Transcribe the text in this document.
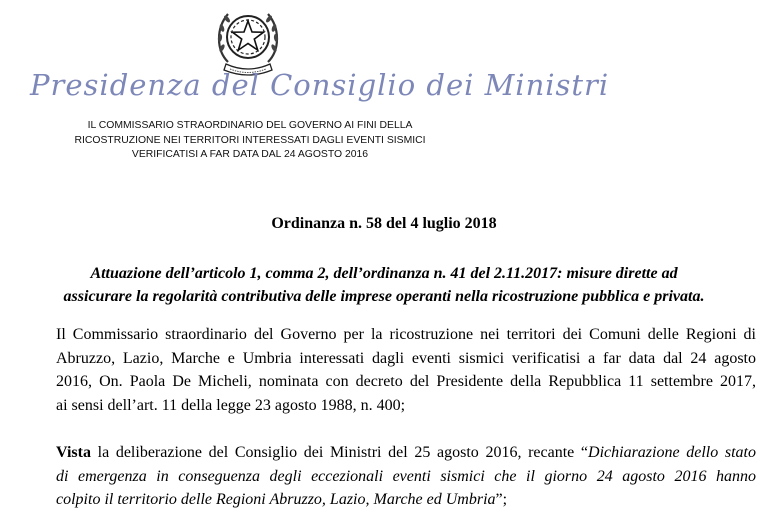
Presidenza del Consiglio dei Ministri
IL COMMISSARIO STRAORDINARIO DEL GOVERNO AI FINI DELLA
RICOSTRUZIONE NEI TERRITORI INTERESSATI DAGLI EVENTI SISMICI
VERIFICATISI A FAR DATA DAL 24 AGOSTO 2016
Ordinanza n. 58 del 4 luglio 2018
Attuazione dell’articolo 1, comma 2, dell’ordinanza n. 41 del 2.11.2017: misure dirette ad
assicurare la regolarità contributiva delle imprese operanti nella ricostruzione pubblica e privata.
Il Commissario straordinario del Governo per la ricostruzione nei territori dei Comuni delle Regioni di
Abruzzo, Lazio, Marche e Umbria interessati dagli eventi sismici verificatisi a far data dal 24 agosto
2016, On. Paola De Micheli, nominata con decreto del Presidente della Repubblica 11 settembre 2017,
ai sensi dell’art. 11 della legge 23 agosto 1988, n. 400;
Vista la deliberazione del Consiglio dei Ministri del 25 agosto 2016, recante “Dichiarazione dello stato
di emergenza in conseguenza degli eccezionali eventi sismici che il giorno 24 agosto 2016 hanno
colpito il territorio delle Regioni Abruzzo, Lazio, Marche ed Umbria”;
